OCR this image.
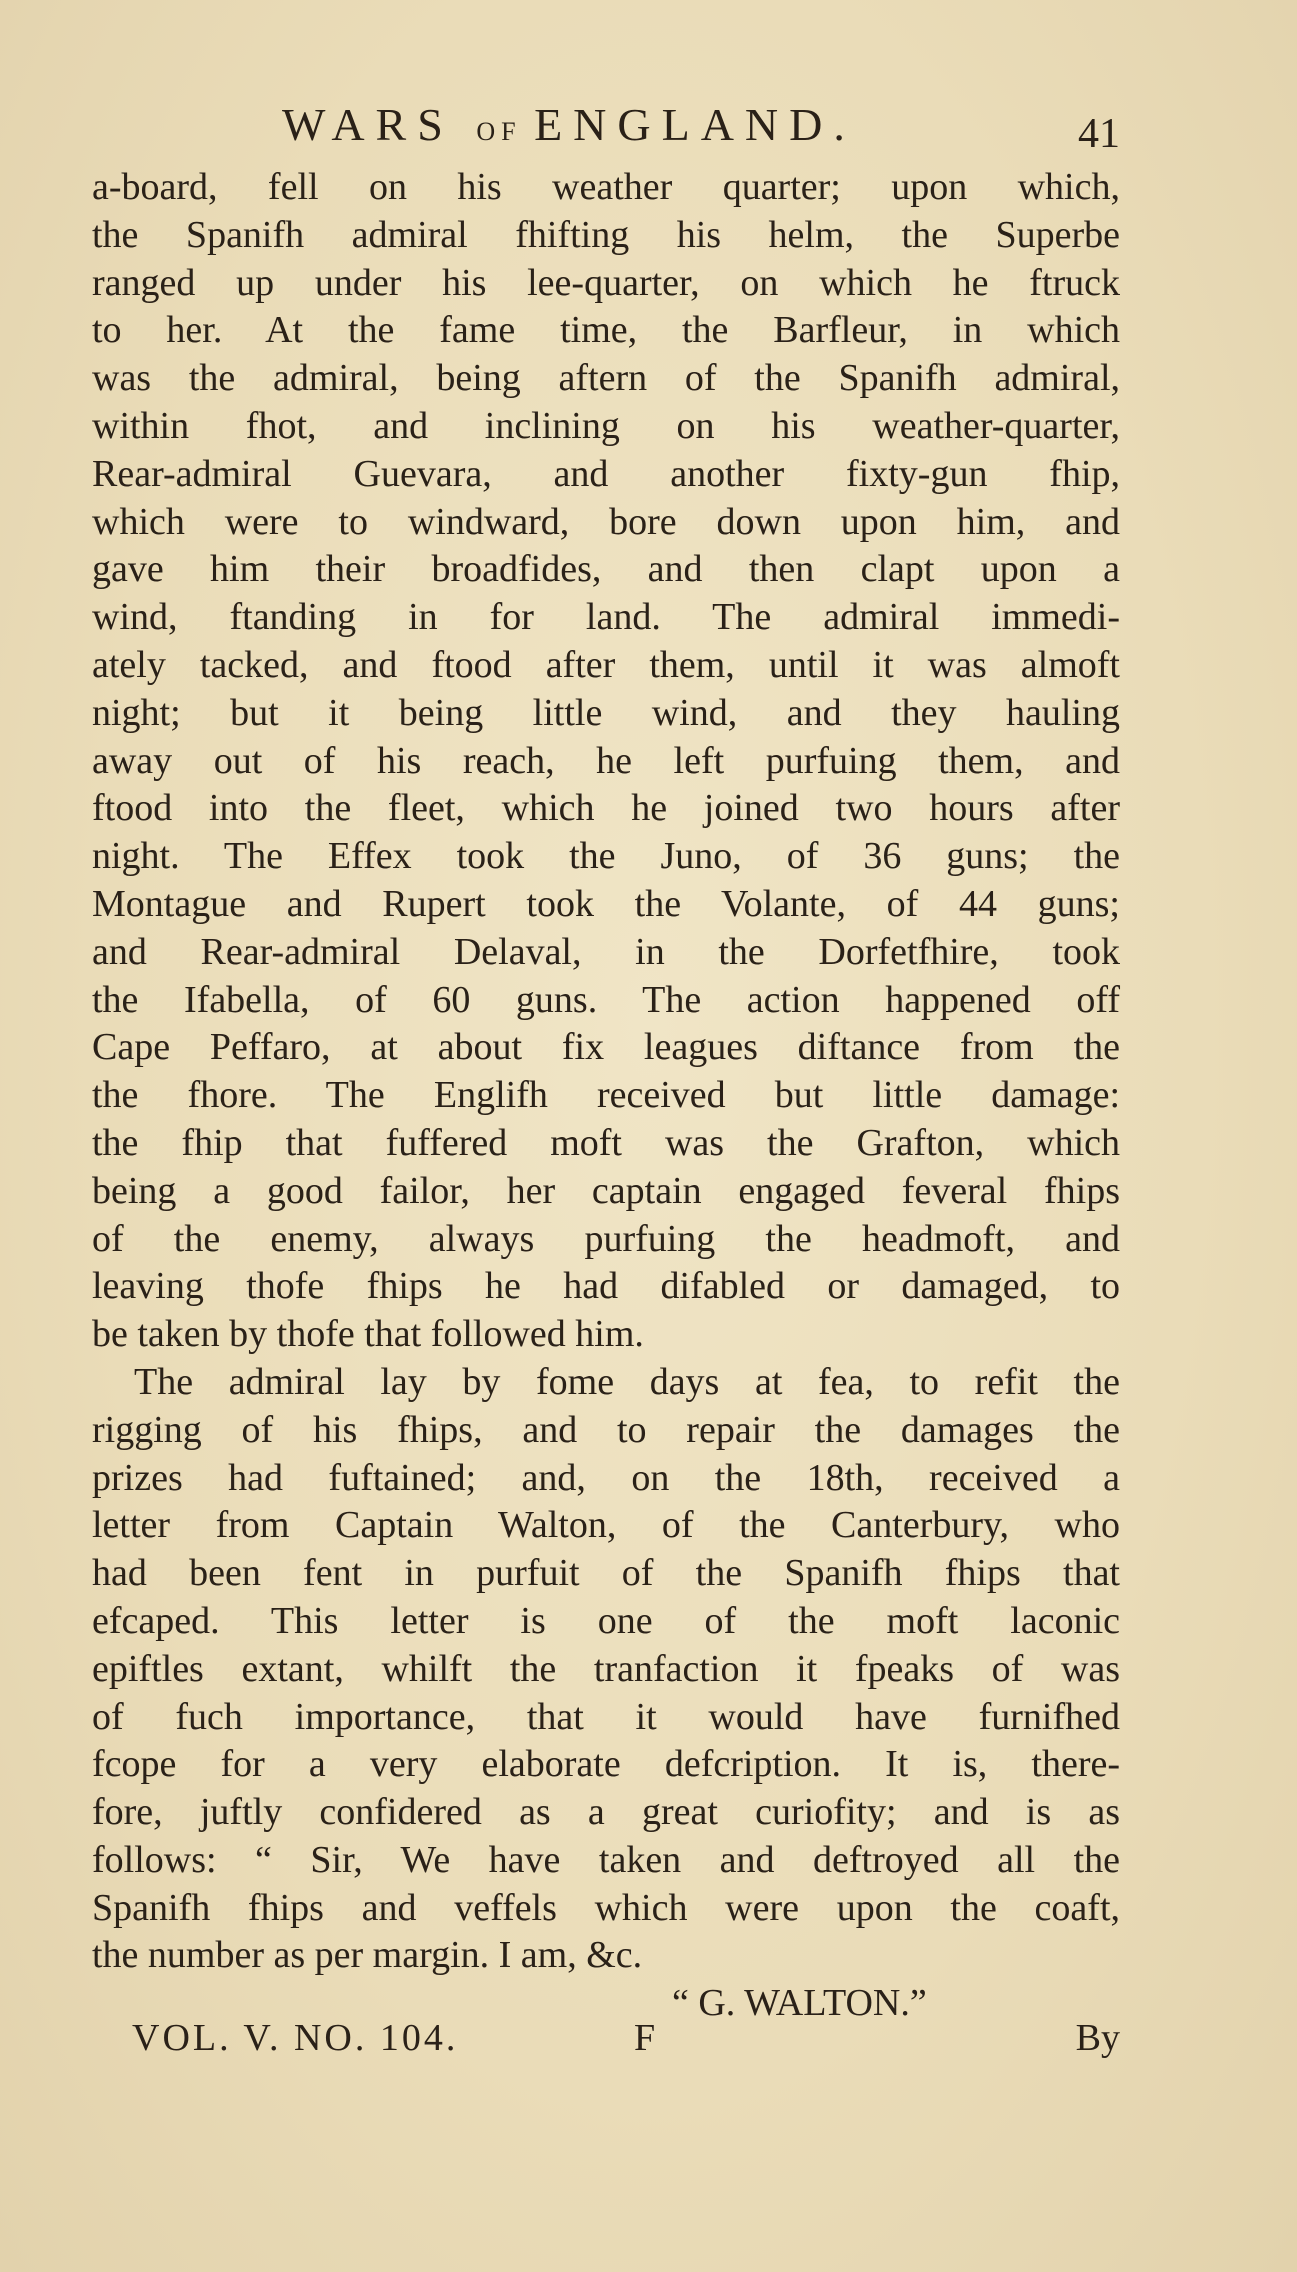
WARS OF ENGLAND.	41
a-board, fell on his weather quarter; upon which,
the Spanifh admiral fhifting his helm, the Superbe
ranged up under his lee-quarter, on which he ftruck
to her. At the fame time, the Barfleur, in which
was the admiral, being aftern of the Spanifh admiral,
within fhot, and inclining on his weather-quarter,
Rear-admiral Guevara, and another fixty-gun fhip,
which were to windward, bore down upon him, and
gave him their broadfides, and then clapt upon a
wind, ftanding in for land. The admiral immedi-
ately tacked, and ftood after them, until it was almoft
night; but it being little wind, and they hauling
away out of his reach, he left purfuing them, and
ftood into the fleet, which he joined two hours after
night. The Effex took the Juno, of 36 guns; the
Montague and Rupert took the Volante, of 44 guns;
and Rear-admiral Delaval, in the Dorfetfhire, took
the Ifabella, of 60 guns. The action happened off
Cape Peffaro, at about fix leagues diftance from the
the fhore. The Englifh received but little damage:
the fhip that fuffered moft was the Grafton, which
being a good failor, her captain engaged feveral fhips
of the enemy, always purfuing the headmoft, and
leaving thofe fhips he had difabled or damaged, to
be taken by thofe that followed him.
The admiral lay by fome days at fea, to refit the
rigging of his fhips, and to repair the damages the
prizes had fuftained; and, on the 18th, received a
letter from Captain Walton, of the Canterbury, who
had been fent in purfuit of the Spanifh fhips that
efcaped. This letter is one of the moft laconic
epiftles extant, whilft the tranfaction it fpeaks of was
of fuch importance, that it would have furnifhed
fcope for a very elaborate defcription. It is, there-
fore, juftly confidered as a great curiofity; and is as
follows: “ Sir, We have taken and deftroyed all the
Spanifh fhips and veffels which were upon the coaft,
the number as per margin. I am, &c.
“ G. WALTON.”
VOL. V. NO. 104.	F	By
